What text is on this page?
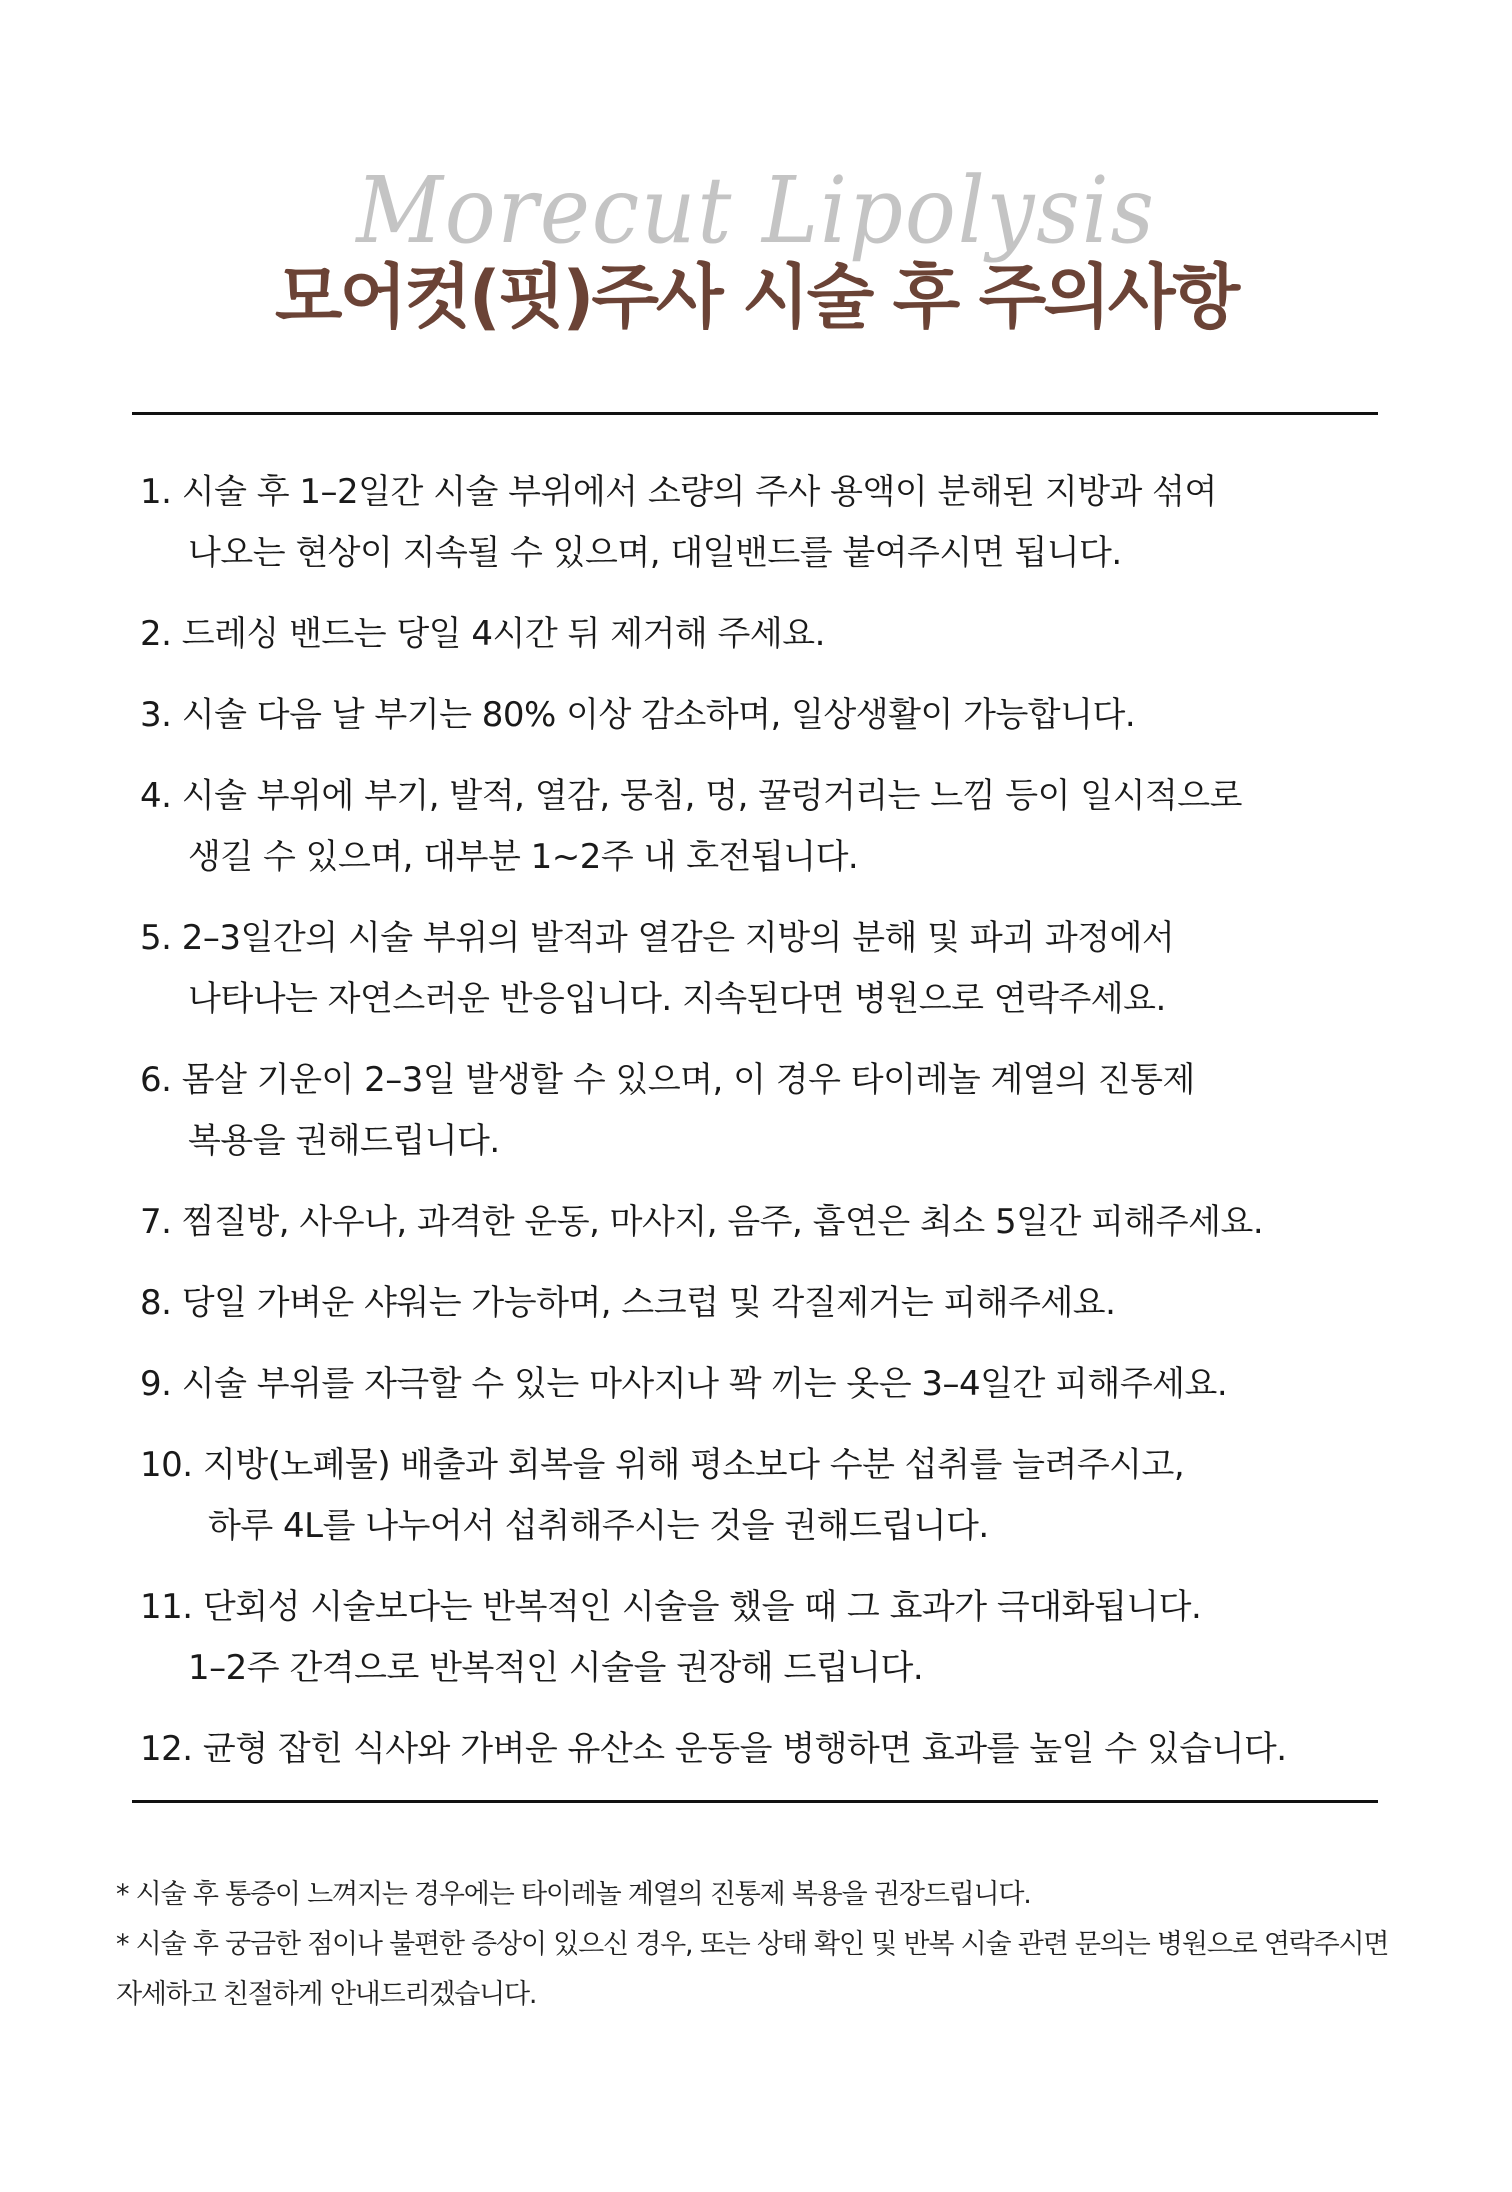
Morecut Lipolysis
모어컷(핏)주사 시술 후 주의사항
1. 시술 후 1–2일간 시술 부위에서 소량의 주사 용액이 분해된 지방과 섞여
나오는 현상이 지속될 수 있으며, 대일밴드를 붙여주시면 됩니다.
2. 드레싱 밴드는 당일 4시간 뒤 제거해 주세요.
3. 시술 다음 날 부기는 80% 이상 감소하며, 일상생활이 가능합니다.
4. 시술 부위에 부기, 발적, 열감, 뭉침, 멍, 꿀렁거리는 느낌 등이 일시적으로
생길 수 있으며, 대부분 1~2주 내 호전됩니다.
5. 2–3일간의 시술 부위의 발적과 열감은 지방의 분해 및 파괴 과정에서
나타나는 자연스러운 반응입니다. 지속된다면 병원으로 연락주세요.
6. 몸살 기운이 2–3일 발생할 수 있으며, 이 경우 타이레놀 계열의 진통제
복용을 권해드립니다.
7. 찜질방, 사우나, 과격한 운동, 마사지, 음주, 흡연은 최소 5일간 피해주세요.
8. 당일 가벼운 샤워는 가능하며, 스크럽 및 각질제거는 피해주세요.
9. 시술 부위를 자극할 수 있는 마사지나 꽉 끼는 옷은 3–4일간 피해주세요.
10. 지방(노폐물) 배출과 회복을 위해 평소보다 수분 섭취를 늘려주시고,
하루 4L를 나누어서 섭취해주시는 것을 권해드립니다.
11. 단회성 시술보다는 반복적인 시술을 했을 때 그 효과가 극대화됩니다.
1–2주 간격으로 반복적인 시술을 권장해 드립니다.
12. 균형 잡힌 식사와 가벼운 유산소 운동을 병행하면 효과를 높일 수 있습니다.

* 시술 후 통증이 느껴지는 경우에는 타이레놀 계열의 진통제 복용을 권장드립니다.

* 시술 후 궁금한 점이나 불편한 증상이 있으신 경우, 또는 상태 확인 및 반복 시술 관련 문의는 병원으로 연락주시면 자세하고 친절하게 안내드리겠습니다.
